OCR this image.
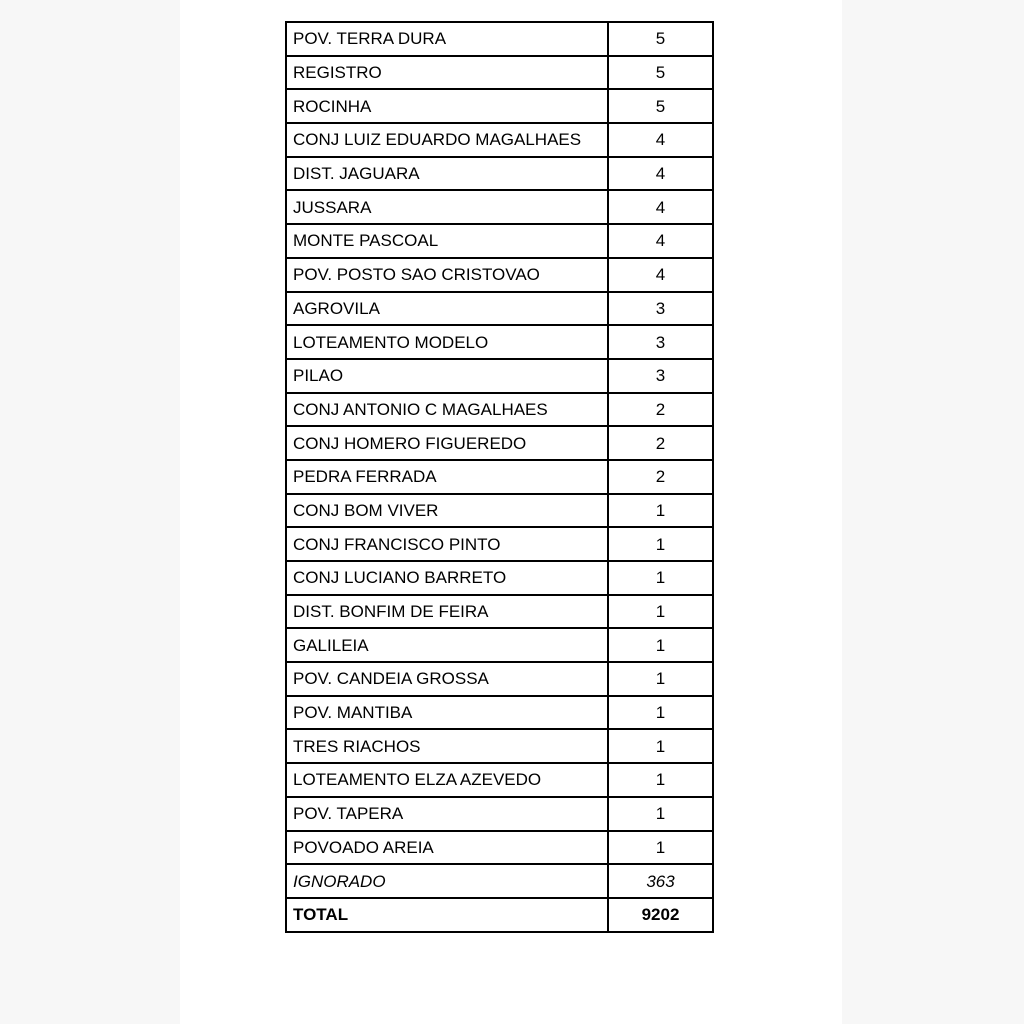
POV. TERRA DURA	5
REGISTRO	5
ROCINHA	5
CONJ LUIZ EDUARDO MAGALHAES	4
DIST. JAGUARA	4
JUSSARA	4
MONTE PASCOAL	4
POV. POSTO SAO CRISTOVAO	4
AGROVILA	3
LOTEAMENTO MODELO	3
PILAO	3
CONJ ANTONIO C MAGALHAES	2
CONJ HOMERO FIGUEREDO	2
PEDRA FERRADA	2
CONJ BOM VIVER	1
CONJ FRANCISCO PINTO	1
CONJ LUCIANO BARRETO	1
DIST. BONFIM DE FEIRA	1
GALILEIA	1
POV. CANDEIA GROSSA	1
POV. MANTIBA	1
TRES RIACHOS	1
LOTEAMENTO ELZA AZEVEDO	1
POV. TAPERA	1
POVOADO AREIA	1
IGNORADO	363
TOTAL	9202
